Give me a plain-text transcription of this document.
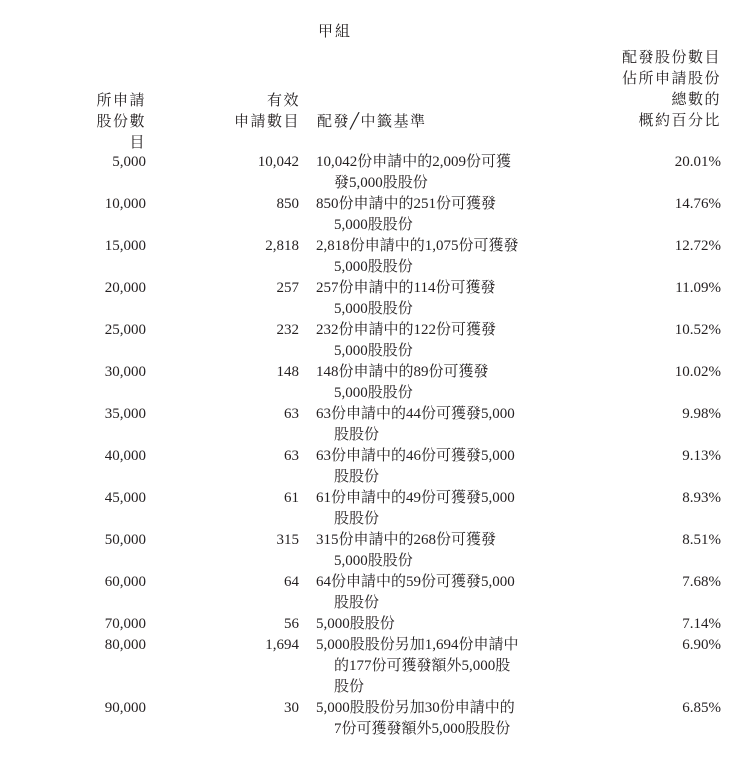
甲組
所申請
股份數目
有效
申請數目 配發╱中籤基準
配發股份數目
佔所申請股份
總數的
概約百分比
5,000	10,042		10,042份申請中的2,009份可獲
發5,000股股份	20.01%
10,000	850		850份申請中的251份可獲發
5,000股股份	14.76%
15,000	2,818		2,818份申請中的1,075份可獲發
5,000股股份	12.72%
20,000	257		257份申請中的114份可獲發
5,000股股份	11.09%
25,000	232		232份申請中的122份可獲發
5,000股股份	10.52%
30,000	148		148份申請中的89份可獲發
5,000股股份	10.02%
35,000	63		63份申請中的44份可獲發5,000
股股份	9.98%
40,000	63		63份申請中的46份可獲發5,000
股股份	9.13%
45,000	61		61份申請中的49份可獲發5,000
股股份	8.93%
50,000	315		315份申請中的268份可獲發
5,000股股份	8.51%
60,000	64		64份申請中的59份可獲發5,000
股股份	7.68%
70,000	56		5,000股股份	7.14%
80,000	1,694		5,000股股份另加1,694份申請中
的177份可獲發額外5,000股
股份	6.90%
90,000	30		5,000股股份另加30份申請中的
7份可獲發額外5,000股股份	6.85%
